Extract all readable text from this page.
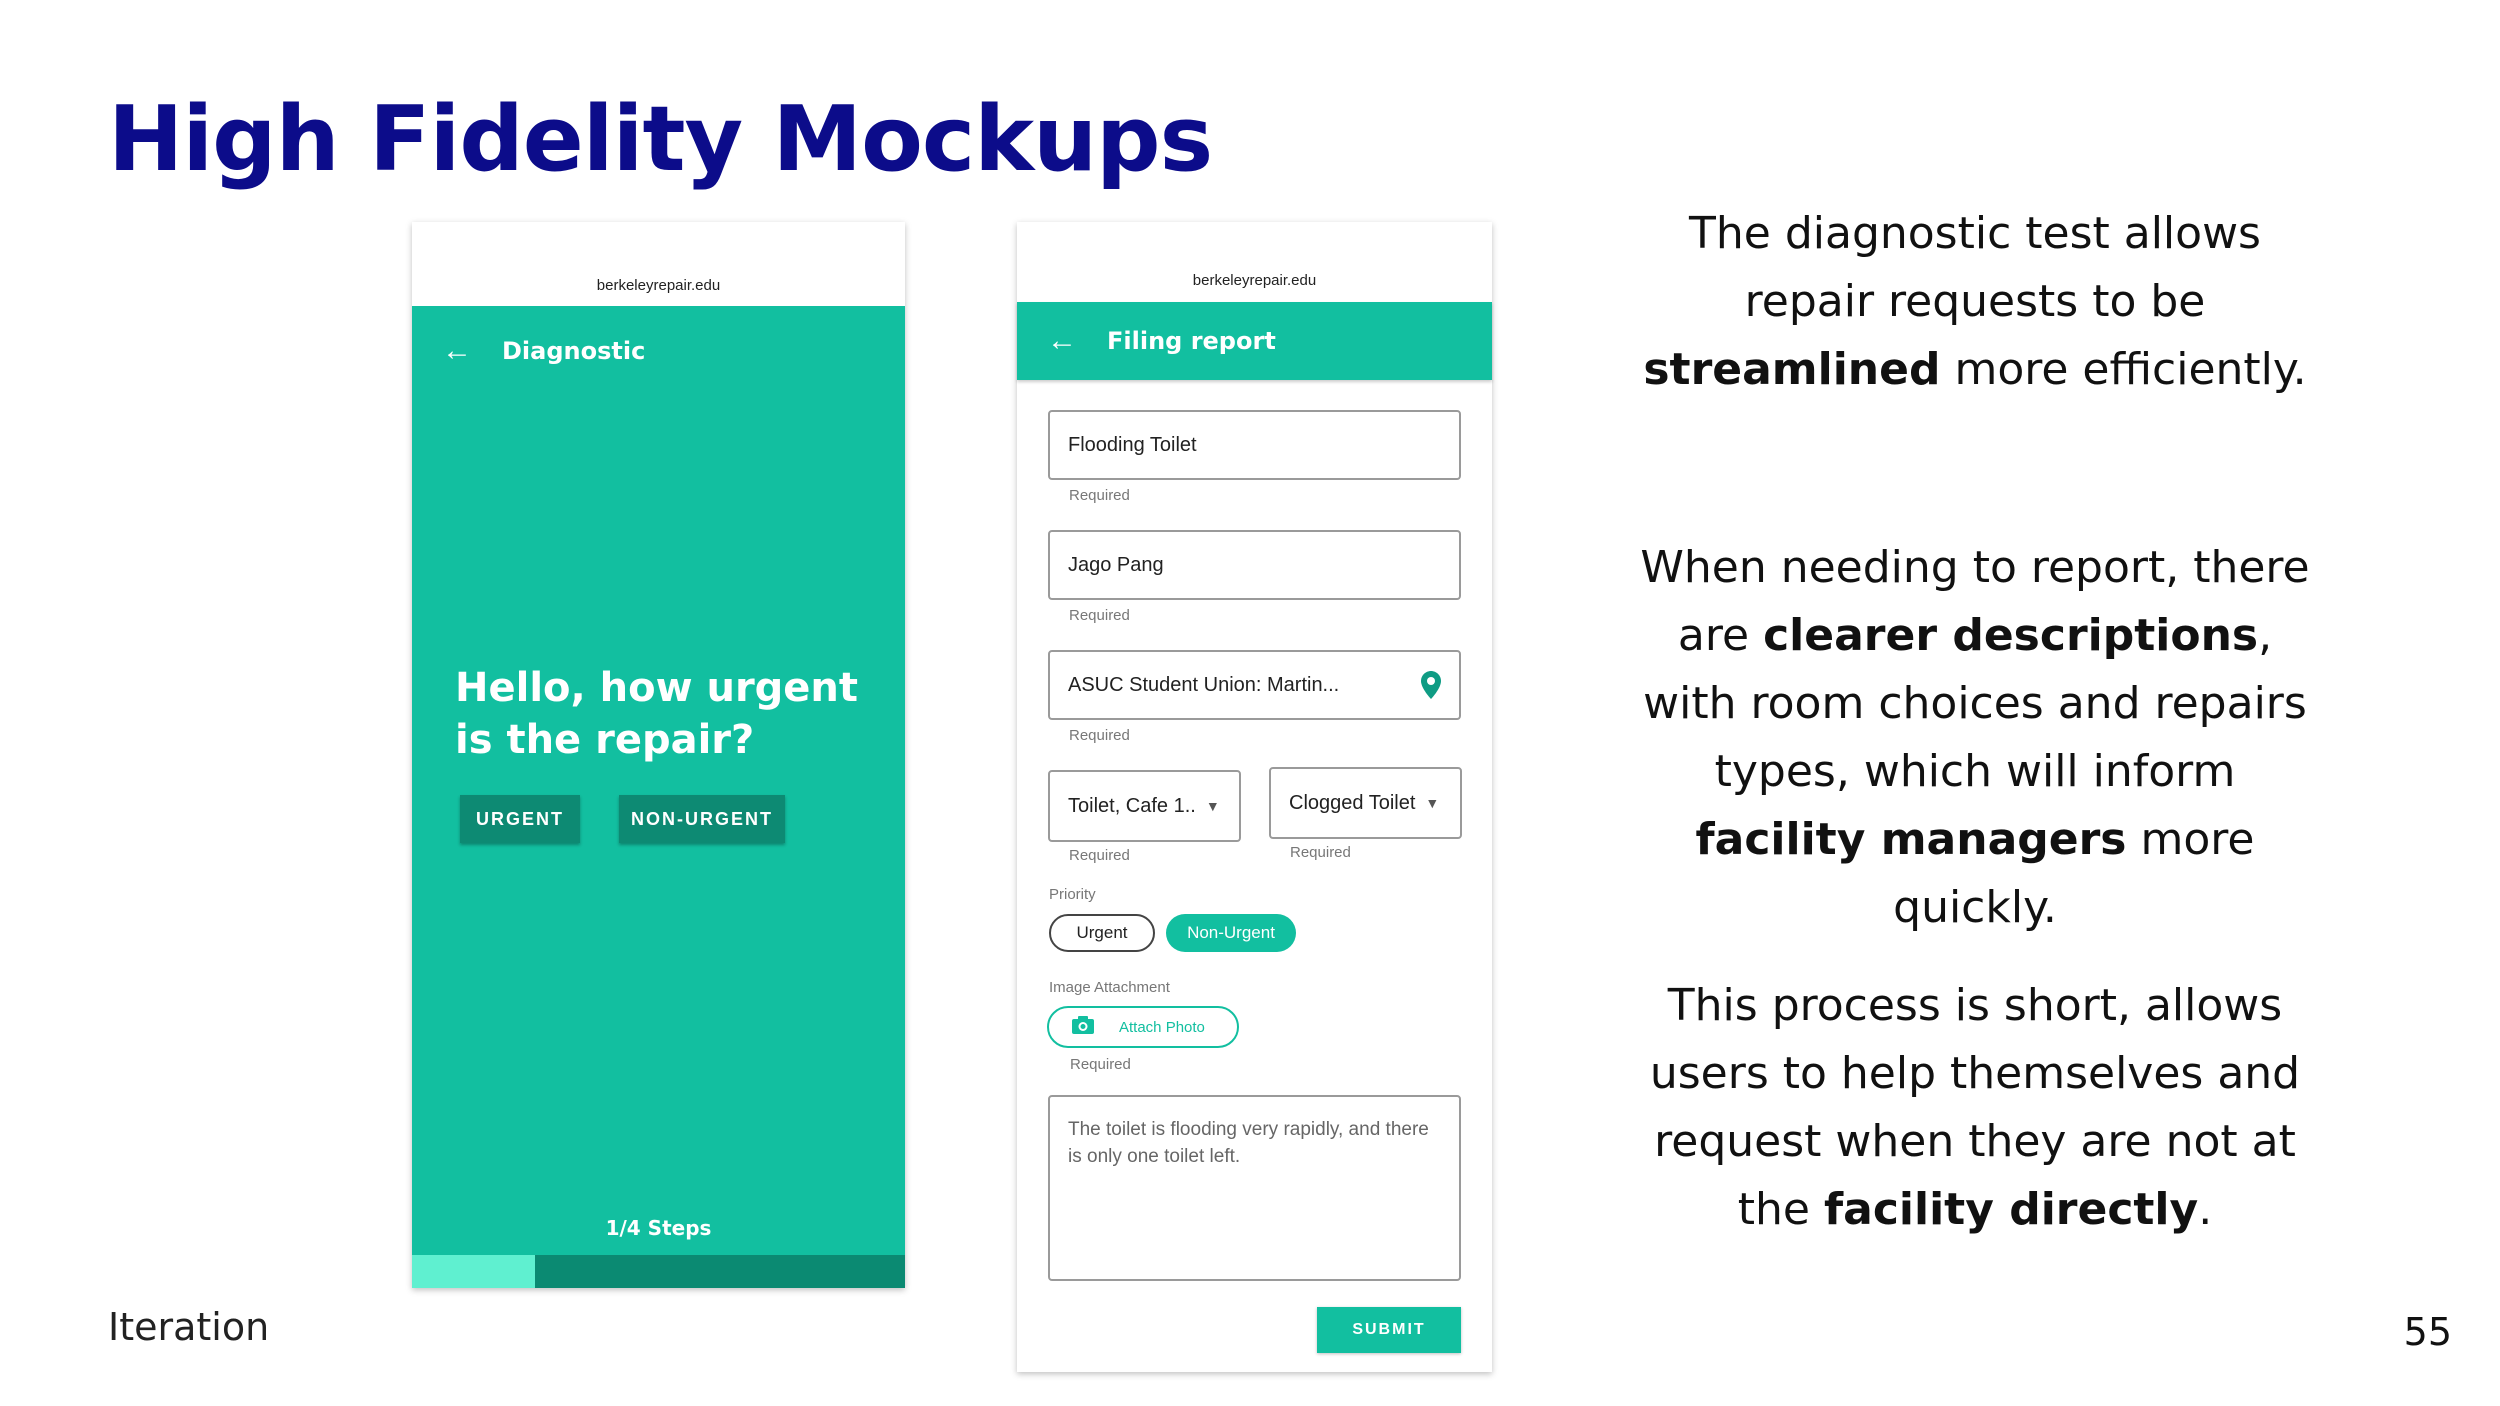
High Fidelity Mockups
berkeleyrepair.edu
← Diagnostic
Hello, how urgent is the repair?
URGENT	NON-URGENT
1/4 Steps
berkeleyrepair.edu
← Filing report
Flooding Toilet
Required
Jago Pang
Required
ASUC Student Union: Martin...
Required
Toilet, Cafe 1.. ▼
Required
Clogged Toilet ▼
Required
Priority
Urgent	Non-Urgent
Image Attachment
Attach Photo
Required
The toilet is flooding very rapidly, and there is only one toilet left.
SUBMIT
The diagnostic test allows repair requests to be streamlined more efficiently.
When needing to report, there are clearer descriptions, with room choices and repairs types, which will inform facility managers more quickly.
This process is short, allows users to help themselves and request when they are not at the facility directly.
Iteration	55
